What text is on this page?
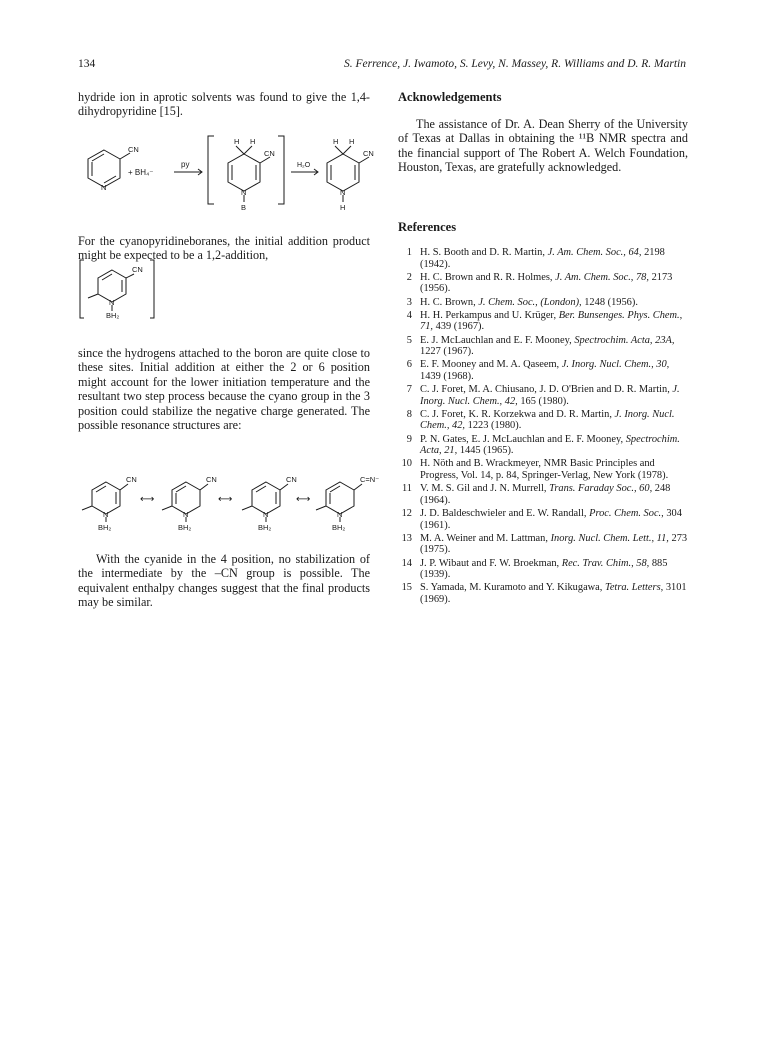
134	S. Ferrence, J. Iwamoto, S. Levy, N. Massey, R. Williams and D. R. Martin

hydride ion in aprotic solvents was found to give the 1,4-dihydropyridine [15].

CN
N
+ BH₄⁻
py
H H
CN
N
B
H₂O
H H
CN
N
H

For the cyanopyridineboranes, the initial addition product might be expected to be a 1,2-addition,

CN
N
BH₂

since the hydrogens attached to the boron are quite close to these sites. Initial addition at either the 2 or 6 position might account for the lower initiation temperature and the resultant two step process because the cyano group in the 3 position could stabilize the negative charge generated. The possible resonance structures are:

CN
N
BH₂
⟷
CN
N
BH₂
⟷
CN
N
BH₂
⟷
C=N⁻
N
BH₂

With the cyanide in the 4 position, no stabilization of the intermediate by the –CN group is possible. The equivalent enthalpy changes suggest that the final products may be similar.

Acknowledgements

The assistance of Dr. A. Dean Sherry of the University of Texas at Dallas in obtaining the ¹¹B NMR spectra and the financial support of The Robert A. Welch Foundation, Houston, Texas, are gratefully acknowledged.

References
1 H. S. Booth and D. R. Martin, J. Am. Chem. Soc., 64, 2198 (1942).
2 H. C. Brown and R. R. Holmes, J. Am. Chem. Soc., 78, 2173 (1956).
3 H. C. Brown, J. Chem. Soc., (London), 1248 (1956).
4 H. H. Perkampus and U. Krüger, Ber. Bunsenges. Phys. Chem., 71, 439 (1967).
5 E. J. McLauchlan and E. F. Mooney, Spectrochim. Acta, 23A, 1227 (1967).
6 E. F. Mooney and M. A. Qaseem, J. Inorg. Nucl. Chem., 30, 1439 (1968).
7 C. J. Foret, M. A. Chiusano, J. D. O'Brien and D. R. Martin, J. Inorg. Nucl. Chem., 42, 165 (1980).
8 C. J. Foret, K. R. Korzekwa and D. R. Martin, J. Inorg. Nucl. Chem., 42, 1223 (1980).
9 P. N. Gates, E. J. McLauchlan and E. F. Mooney, Spectrochim. Acta, 21, 1445 (1965).
10 H. Nöth and B. Wrackmeyer, NMR Basic Principles and Progress, Vol. 14, p. 84, Springer-Verlag, New York (1978).
11 V. M. S. Gil and J. N. Murrell, Trans. Faraday Soc., 60, 248 (1964).
12 J. D. Baldeschwieler and E. W. Randall, Proc. Chem. Soc., 304 (1961).
13 M. A. Weiner and M. Lattman, Inorg. Nucl. Chem. Lett., 11, 273 (1975).
14 J. P. Wibaut and F. W. Broekman, Rec. Trav. Chim., 58, 885 (1939).
15 S. Yamada, M. Kuramoto and Y. Kikugawa, Tetra. Letters, 3101 (1969).
